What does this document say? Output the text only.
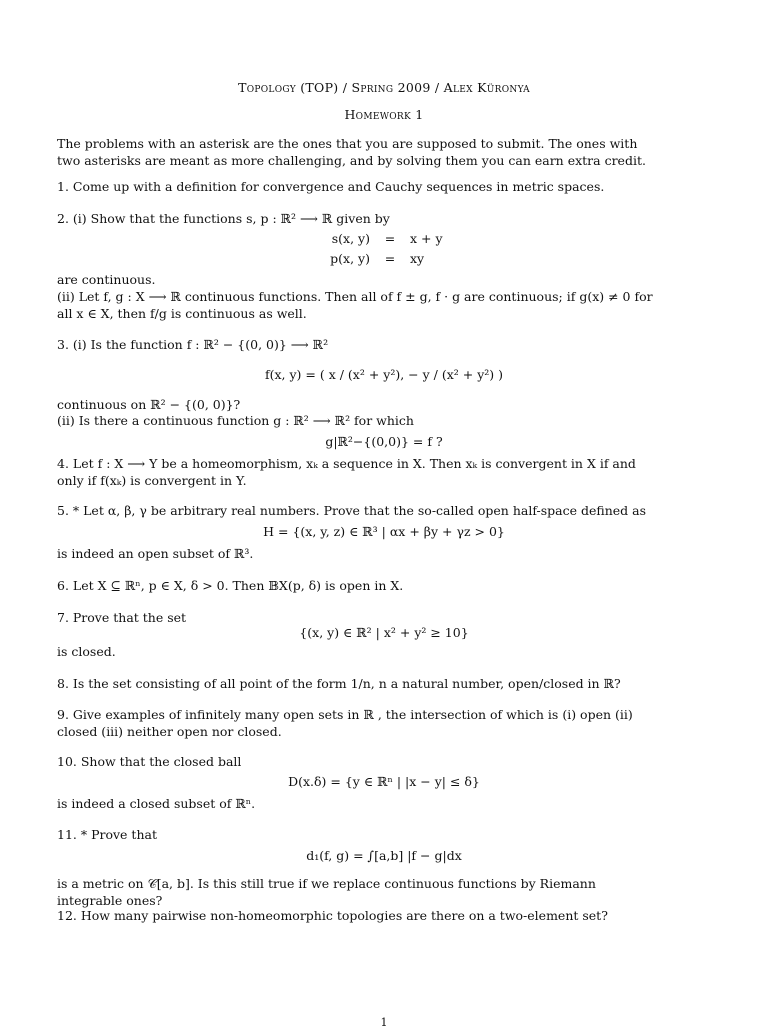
Topology (TOP) / Spring 2009 / Alex Küronya

Homework 1

The problems with an asterisk are the ones that you are supposed to submit. The ones with two asterisks are meant as more challenging, and by solving them you can earn extra credit.

1. Come up with a definition for convergence and Cauchy sequences in metric spaces.

2. (i) Show that the functions s, p : ℝ² ⟶ ℝ given by

s(x, y)	=	x + y
p(x, y)	=	xy

are continuous.

(ii) Let f, g : X ⟶ ℝ continuous functions. Then all of f ± g, f · g are continuous; if g(x) ≠ 0 for all x ∈ X, then f/g is continuous as well.

3. (i) Is the function f : ℝ² − {(0, 0)} ⟶ ℝ²

f(x, y) = ( x / (x² + y²), − y / (x² + y²) )

continuous on ℝ² − {(0, 0)}?

(ii) Is there a continuous function g : ℝ² ⟶ ℝ² for which

g|ℝ²−{(0,0)} = f ?

4. Let f : X ⟶ Y be a homeomorphism, xₖ a sequence in X. Then xₖ is convergent in X if and only if f(xₖ) is convergent in Y.

5. * Let α, β, γ be arbitrary real numbers. Prove that the so-called open half-space defined as

H = {(x, y, z) ∈ ℝ³ | αx + βy + γz > 0}

is indeed an open subset of ℝ³.

6. Let X ⊆ ℝⁿ, p ∈ X, δ > 0. Then 𝔹X(p, δ) is open in X.

7. Prove that the set

{(x, y) ∈ ℝ² | x² + y² ≥ 10}

is closed.

8. Is the set consisting of all point of the form 1/n, n a natural number, open/closed in ℝ?

9. Give examples of infinitely many open sets in ℝ , the intersection of which is (i) open (ii) closed (iii) neither open nor closed.

10. Show that the closed ball

D(x.δ) = {y ∈ ℝⁿ | |x − y| ≤ δ}

is indeed a closed subset of ℝⁿ.

11. * Prove that

d₁(f, g) = ∫[a,b] |f − g|dx

is a metric on 𝒞[a, b]. Is this still true if we replace continuous functions by Riemann integrable ones?

12. How many pairwise non-homeomorphic topologies are there on a two-element set?

1
